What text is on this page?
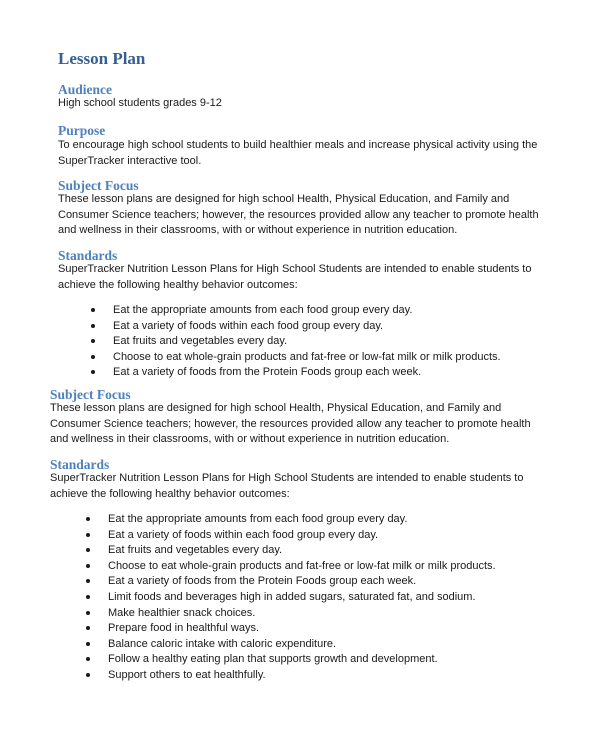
Lesson Plan
Audience
High school students grades 9-12
Purpose
To encourage high school students to build healthier meals and increase physical activity using the
SuperTracker interactive tool.
Subject Focus
These lesson plans are designed for high school Health, Physical Education, and Family and
Consumer Science teachers; however, the resources provided allow any teacher to promote health
and wellness in their classrooms, with or without experience in nutrition education.
Standards
SuperTracker Nutrition Lesson Plans for High School Students are intended to enable students to
achieve the following healthy behavior outcomes:
Eat the appropriate amounts from each food group every day.
Eat a variety of foods within each food group every day.
Eat fruits and vegetables every day.
Choose to eat whole-grain products and fat-free or low-fat milk or milk products.
Eat a variety of foods from the Protein Foods group each week.
Subject Focus
These lesson plans are designed for high school Health, Physical Education, and Family and
Consumer Science teachers; however, the resources provided allow any teacher to promote health
and wellness in their classrooms, with or without experience in nutrition education.
Standards
SuperTracker Nutrition Lesson Plans for High School Students are intended to enable students to
achieve the following healthy behavior outcomes:
Eat the appropriate amounts from each food group every day.
Eat a variety of foods within each food group every day.
Eat fruits and vegetables every day.
Choose to eat whole-grain products and fat-free or low-fat milk or milk products.
Eat a variety of foods from the Protein Foods group each week.
Limit foods and beverages high in added sugars, saturated fat, and sodium.
Make healthier snack choices.
Prepare food in healthful ways.
Balance caloric intake with caloric expenditure.
Follow a healthy eating plan that supports growth and development.
Support others to eat healthfully.
